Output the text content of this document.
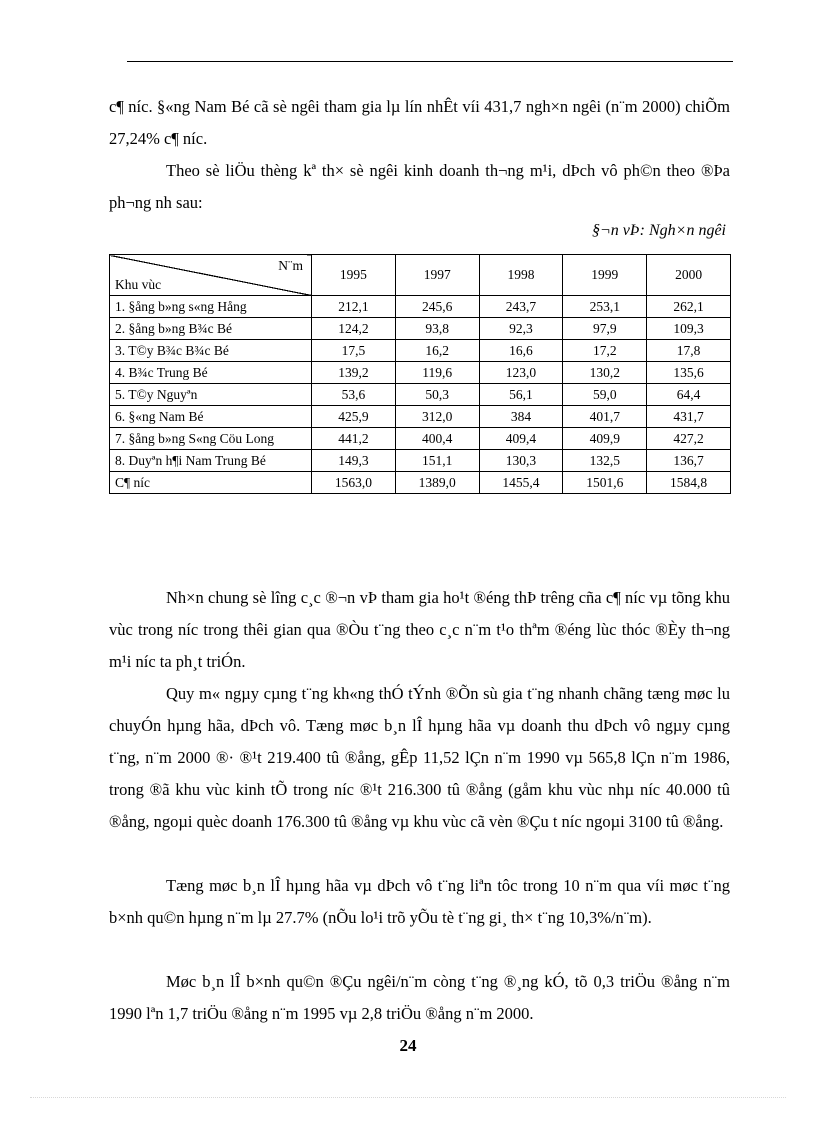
c¶ níc. §«ng Nam Bé cã sè ngêi tham gia lµ lín nhÊt víi 431,7 ngh×n ngêi (n¨m 2000) chiÕm 27,24% c¶ níc.

Theo sè liÖu thèng kª th× sè ngêi kinh doanh th¬ng m¹i, dÞch vô ph©n theo ®Þa ph¬ng nh sau:

§¬n vÞ: Ngh×n ngêi
N¨m
Khu vùc	1995	1997	1998	1999	2000
1. §ång b»ng s«ng Hång	212,1	245,6	243,7	253,1	262,1
2. §ång b»ng B¾c Bé	124,2	93,8	92,3	97,9	109,3
3. T©y B¾c B¾c Bé	17,5	16,2	16,6	17,2	17,8
4. B¾c Trung Bé	139,2	119,6	123,0	130,2	135,6
5. T©y Nguyªn	53,6	50,3	56,1	59,0	64,4
6. §«ng Nam Bé	425,9	312,0	384	401,7	431,7
7. §ång b»ng S«ng Cöu Long	441,2	400,4	409,4	409,9	427,2
8. Duyªn h¶i Nam Trung Bé	149,3	151,1	130,3	132,5	136,7
C¶ níc	1563,0	1389,0	1455,4	1501,6	1584,8

Nh×n chung sè lîng c¸c ®¬n vÞ tham gia ho¹t ®éng thÞ trêng cña c¶ níc vµ tõng khu vùc trong níc trong thêi gian qua ®Òu t¨ng theo c¸c n¨m t¹o thªm ®éng lùc thóc ®Èy th¬ng m¹i níc ta ph¸t triÓn.

Quy m« ngµy cµng t¨ng kh«ng thÓ tÝnh ®Õn sù gia t¨ng nhanh chãng tæng møc lu chuyÓn hµng hãa, dÞch vô. Tæng møc b¸n lÎ hµng hãa vµ doanh thu dÞch vô ngµy cµng t¨ng, n¨m 2000 ®· ®¹t 219.400 tû ®ång, gÊp 11,52 lÇn n¨m 1990 vµ 565,8 lÇn n¨m 1986, trong ®ã khu vùc kinh tÕ trong níc ®¹t 216.300 tû ®ång (gåm khu vùc nhµ níc 40.000 tû ®ång, ngoµi quèc doanh 176.300 tû ®ång vµ khu vùc cã vèn ®Çu t níc ngoµi 3100 tû ®ång.

Tæng møc b¸n lÎ hµng hãa vµ dÞch vô t¨ng liªn tôc trong 10 n¨m qua víi møc t¨ng b×nh qu©n hµng n¨m lµ 27.7% (nÕu lo¹i trõ yÕu tè t¨ng gi¸ th× t¨ng 10,3%/n¨m).

Møc b¸n lÎ b×nh qu©n ®Çu ngêi/n¨m còng t¨ng ®¸ng kÓ, tõ 0,3 triÖu ®ång n¨m 1990 lªn 1,7 triÖu ®ång n¨m 1995 vµ 2,8 triÖu ®ång n¨m 2000.

24
